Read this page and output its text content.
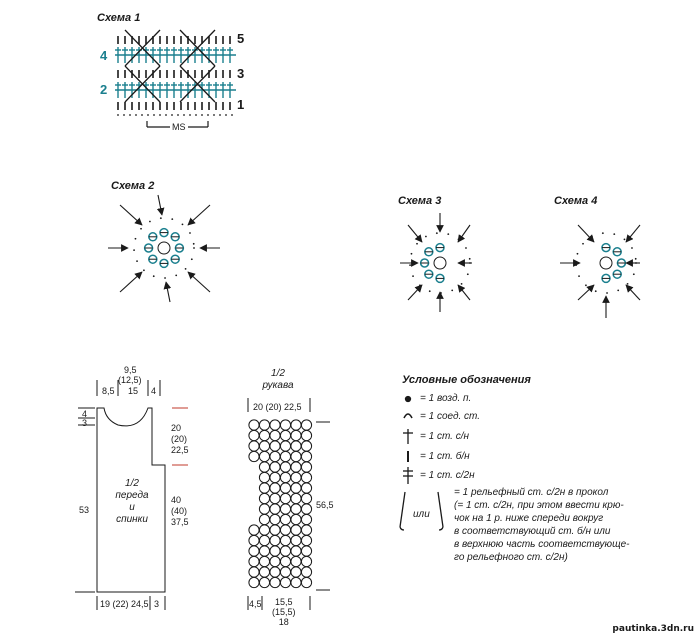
Схема 1
4
2
5
3
1
MS
Схема 2
Схема 3	Схема 4
9,5
(12,5)
8,5 15 4
4
3	20
(20)
22,5
40
(40)
37,5
53
19 (22) 24,5 3
1/2
переда
и
спинки
1/2
рукава
20 (20) 22,5
56,5
4,5	15,5
(15,5)
18
Условные обозначения
= 1 возд. п.
= 1 соед. ст.
= 1 ст. с/н
= 1 ст. б/н
= 1 ст. с/2н
или
= 1 рельефный ст. с/2н в прокол
(= 1 ст. с/2н, при этом ввести крю-
чок на 1 р. ниже спереди вокруг
в соответствующий ст. б/н или
в верхнюю часть соответствующе-
го рельефного ст. с/2н)
pautinka.3dn.ru
